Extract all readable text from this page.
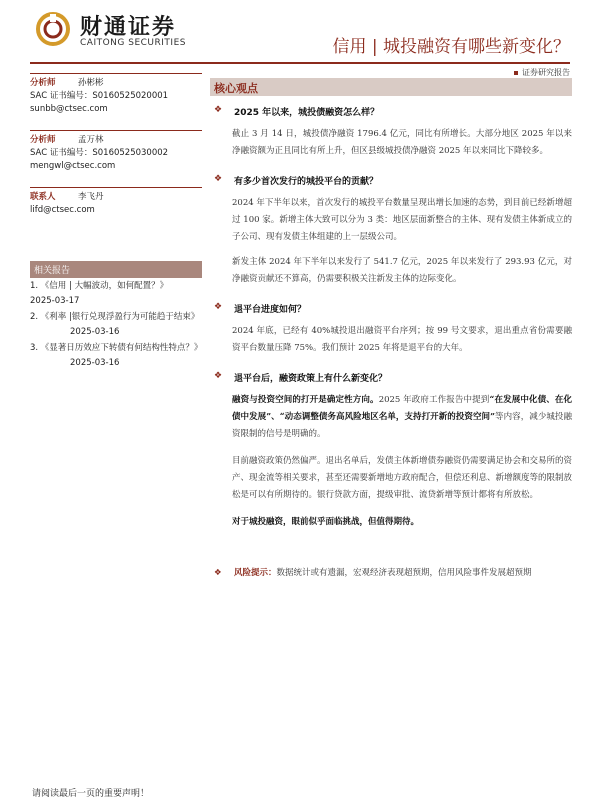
财通证券
CAITONG SECURITIES	信用 | 城投融资有哪些新变化？
证券研究报告
分析师	孙彬彬
SAC 证书编号：S0160525020001
sunbb@ctsec.com
分析师	孟万林
SAC 证书编号：S0160525030002
mengwl@ctsec.com
联系人	李飞丹
lifd@ctsec.com
相关报告
1. 《信用 | 大幅波动，如何配置？》
2025-03-17
2. 《利率 |银行兑现浮盈行为可能趋于结束》
2025-03-16
3. 《显著日历效应下转债有何结构性特点？》
2025-03-16
核心观点
❖	2025 年以来，城投债融资怎么样？
截止 3 月 14 日，城投债净融资 1796.4 亿元，同比有所增长。大部分地区 2025 年以来净融资额为正且同比有所上升，但区县级城投债净融资 2025 年以来同比下降较多。
❖	有多少首次发行的城投平台的贡献？
2024 年下半年以来，首次发行的城投平台数量呈现出增长加速的态势，到目前已经新增超过 100 家。新增主体大致可以分为 3 类：地区层面新整合的主体、现有发债主体新成立的子公司、现有发债主体组建的上一层级公司。
新发主体 2024 年下半年以来发行了 541.7 亿元，2025 年以来发行了 293.93 亿元，对净融资贡献还不算高，仍需要积极关注新发主体的边际变化。
❖	退平台进度如何？
2024 年底，已经有 40%城投退出融资平台序列；按 99 号文要求，退出重点省份需要融资平台数量压降 75%。我们预计 2025 年将是退平台的大年。
❖	退平台后，融资政策上有什么新变化？
融资与投资空间的打开是确定性方向。2025 年政府工作报告中提到“在发展中化债、在化债中发展”、“动态调整债务高风险地区名单，支持打开新的投资空间”等内容，减少城投融资限制的信号是明确的。
目前融资政策仍然偏严。退出名单后，发债主体新增债券融资仍需要满足协会和交易所的资产、现金流等相关要求，甚至还需要新增地方政府配合，但偿还利息、新增额度等的限制放松是可以有所期待的。银行贷款方面，提级审批、流贷新增等预计都将有所放松。
对于城投融资，眼前似乎面临挑战，但值得期待。
❖	风险提示：数据统计或有遗漏，宏观经济表现超预期，信用风险事件发展超预期
请阅读最后一页的重要声明！
